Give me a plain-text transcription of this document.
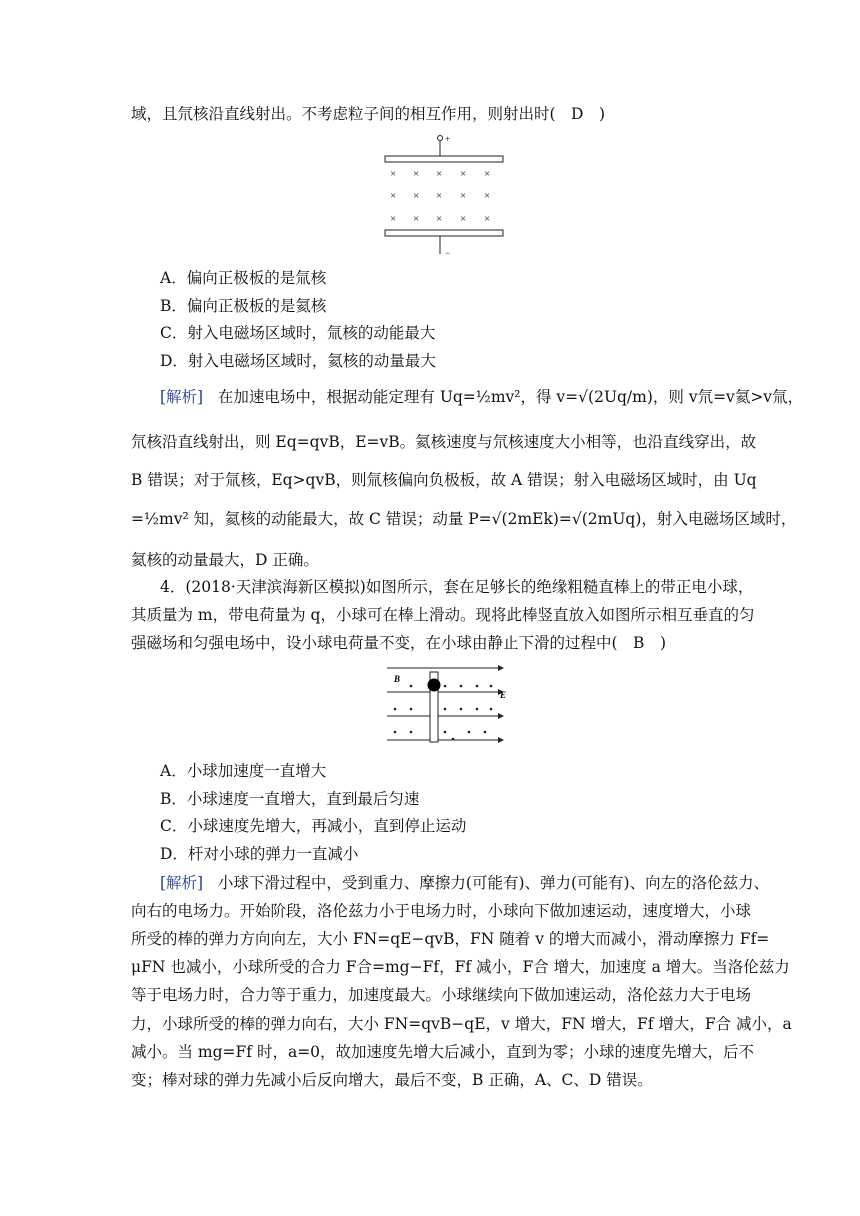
域，且氘核沿直线射出。不考虑粒子间的相互作用，则射出时(　D　)
+
× × × × ×
× × × × ×
× × × × ×
−
A．偏向正极板的是氚核
B．偏向正极板的是氦核
C．射入电磁场区域时，氚核的动能最大
D．射入电磁场区域时，氦核的动量最大
[解析] 在加速电场中，根据动能定理有 Uq=½mv²，得 v=√(2Uq/m)，则 v氘=v氦>v氚，
氘核沿直线射出，则 Eq=qvB，E=vB。氦核速度与氘核速度大小相等，也沿直线穿出，故
B 错误；对于氚核，Eq>qvB，则氚核偏向负极板，故 A 错误；射入电磁场区域时，由 Uq
=½mv² 知，氦核的动能最大，故 C 错误；动量 P=√(2mEk)=√(2mUq)，射入电磁场区域时，
氦核的动量最大，D 正确。
4．(2018·天津滨海新区模拟)如图所示，套在足够长的绝缘粗糙直棒上的带正电小球，
其质量为 m，带电荷量为 q，小球可在棒上滑动。现将此棒竖直放入如图所示相互垂直的匀
强磁场和匀强电场中，设小球电荷量不变，在小球由静止下滑的过程中(　B　)
B
E
A．小球加速度一直增大
B．小球速度一直增大，直到最后匀速
C．小球速度先增大，再减小，直到停止运动
D．杆对小球的弹力一直减小
[解析] 小球下滑过程中，受到重力、摩擦力(可能有)、弹力(可能有)、向左的洛伦兹力、
向右的电场力。开始阶段，洛伦兹力小于电场力时，小球向下做加速运动，速度增大，小球
所受的棒的弹力方向向左，大小 FN=qE−qvB，FN 随着 v 的增大而减小，滑动摩擦力 Ff=
μFN 也减小，小球所受的合力 F合=mg−Ff，Ff 减小，F合 增大，加速度 a 增大。当洛伦兹力
等于电场力时，合力等于重力，加速度最大。小球继续向下做加速运动，洛伦兹力大于电场
力，小球所受的棒的弹力向右，大小 FN=qvB−qE，v 增大，FN 增大，Ff 增大，F合 减小，a
减小。当 mg=Ff 时，a=0，故加速度先增大后减小，直到为零；小球的速度先增大，后不
变；棒对球的弹力先减小后反向增大，最后不变，B 正确，A、C、D 错误。
